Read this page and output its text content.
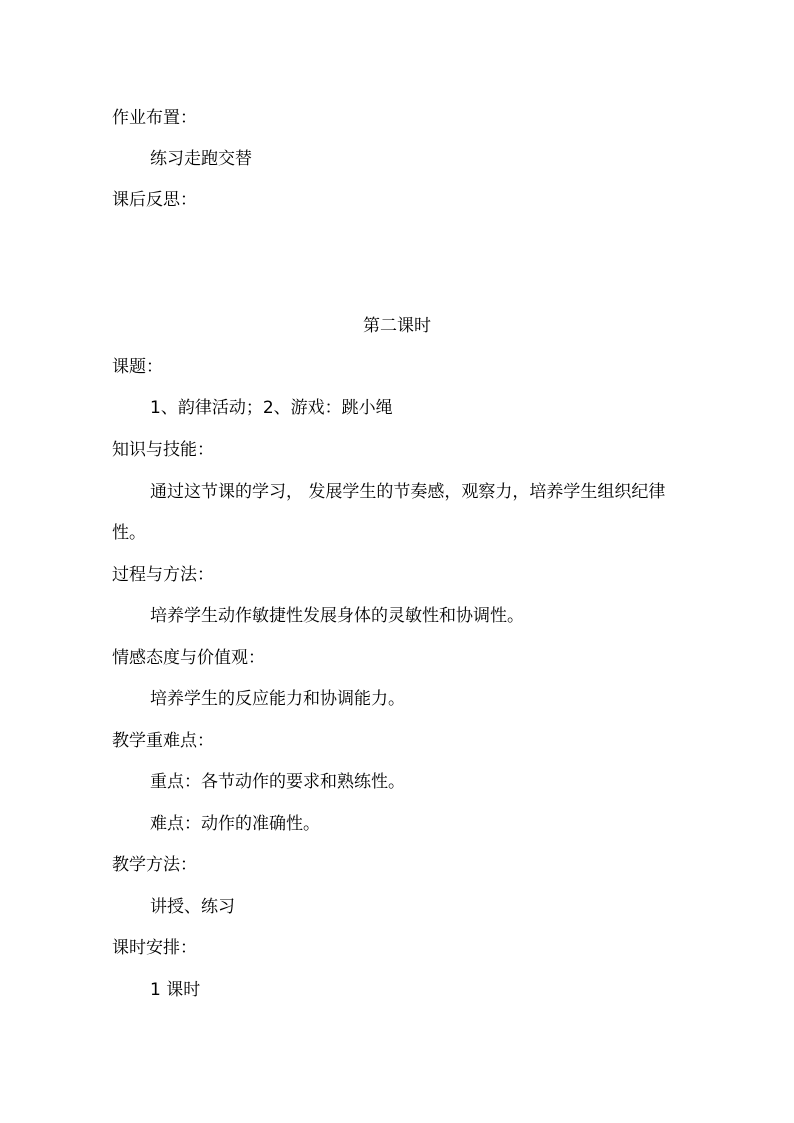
作业布置：
练习走跑交替
课后反思：
第二课时
课题：
1、韵律活动；2、游戏：跳小绳
知识与技能：
通过这节课的学习， 发展学生的节奏感，观察力，培养学生组织纪律
性。
过程与方法：
培养学生动作敏捷性发展身体的灵敏性和协调性。
情感态度与价值观：
培养学生的反应能力和协调能力。
教学重难点：
重点：各节动作的要求和熟练性。
难点：动作的准确性。
教学方法：
讲授、练习
课时安排：
1 课时
